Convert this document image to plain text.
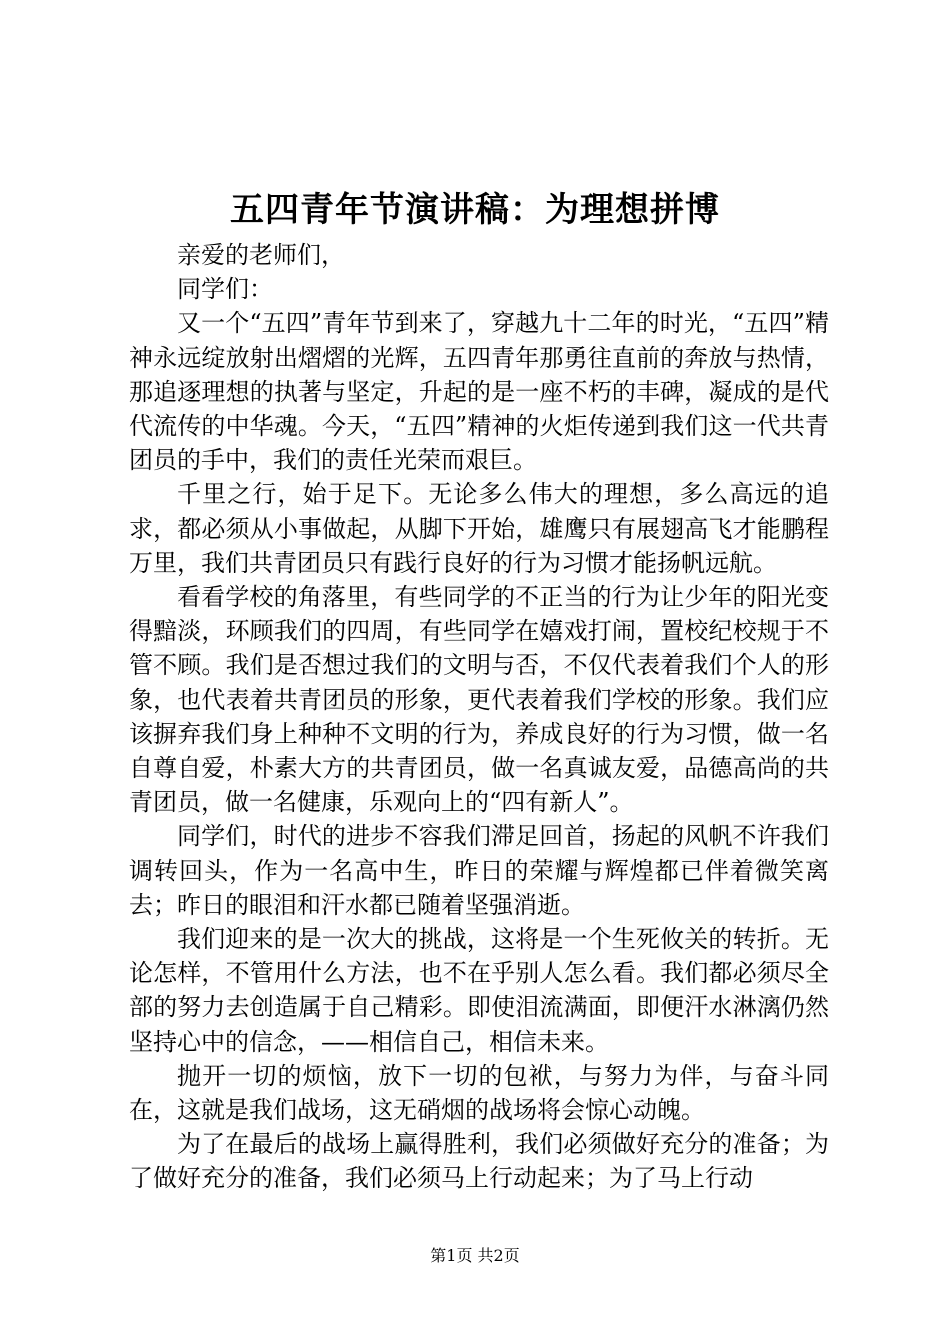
五四青年节演讲稿：为理想拼博

亲爱的老师们，

同学们：

又一个“五四”青年节到来了，穿越九十二年的时光，“五四”精神永远绽放射出熠熠的光辉，五四青年那勇往直前的奔放与热情，那追逐理想的执著与坚定，升起的是一座不朽的丰碑，凝成的是代代流传的中华魂。今天，“五四”精神的火炬传递到我们这一代共青团员的手中，我们的责任光荣而艰巨。

千里之行，始于足下。无论多么伟大的理想，多么高远的追求，都必须从小事做起，从脚下开始，雄鹰只有展翅高飞才能鹏程万里，我们共青团员只有践行良好的行为习惯才能扬帆远航。

看看学校的角落里，有些同学的不正当的行为让少年的阳光变得黯淡，环顾我们的四周，有些同学在嬉戏打闹，置校纪校规于不管不顾。我们是否想过我们的文明与否，不仅代表着我们个人的形象，也代表着共青团员的形象，更代表着我们学校的形象。我们应该摒弃我们身上种种不文明的行为，养成良好的行为习惯，做一名自尊自爱，朴素大方的共青团员，做一名真诚友爱，品德高尚的共青团员，做一名健康，乐观向上的“四有新人”。

同学们，时代的进步不容我们滞足回首，扬起的风帆不许我们调转回头，作为一名高中生，昨日的荣耀与辉煌都已伴着微笑离去；昨日的眼泪和汗水都已随着坚强消逝。

我们迎来的是一次大的挑战，这将是一个生死攸关的转折。无论怎样，不管用什么方法，也不在乎别人怎么看。我们都必须尽全部的努力去创造属于自己精彩。即使泪流满面，即便汗水淋漓仍然坚持心中的信念，——相信自己，相信未来。

抛开一切的烦恼，放下一切的包袱，与努力为伴，与奋斗同在，这就是我们战场，这无硝烟的战场将会惊心动魄。

为了在最后的战场上赢得胜利，我们必须做好充分的准备；为了做好充分的准备，我们必须马上行动起来；为了马上行动

第1页 共2页
